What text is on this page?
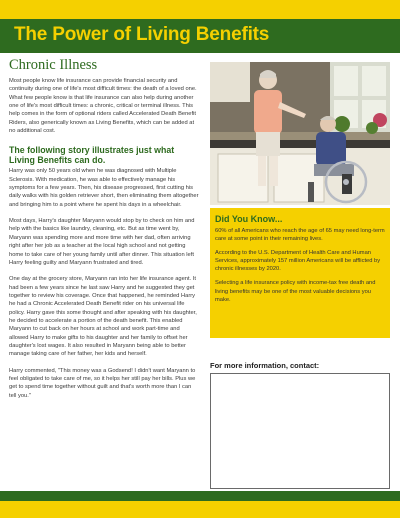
The Power of Living Benefits
Chronic Illness

Most people know life insurance can provide financial security and continuity during one of life's most difficult times: the death of a loved one. What few people know is that life insurance can also help during another one of life's most difficult times: a chronic, critical or terminal illness. This help comes in the form of optional riders called Accelerated Death Benefit Riders, also generically known as Living Benefits, which can be added at no additional cost.

The following story illustrates just what Living Benefits can do.

Harry was only 50 years old when he was diagnosed with Multiple Sclerosis. With medication, he was able to effectively manage his symptoms for a few years. Then, his disease progressed, first cutting his daily walks with his golden retriever short, then eliminating them altogether and bringing him to a point where he spent his days in a wheelchair.

Most days, Harry's daughter Maryann would stop by to check on him and help with the basics like laundry, cleaning, etc. But as time went by, Maryann was spending more and more time with her dad, often arriving right after her job as a teacher at the local high school and not getting home to take care of her young family until after dinner. This situation left Harry feeling guilty and Maryann frustrated and tired.

One day at the grocery store, Maryann ran into her life insurance agent. It had been a few years since he last saw Harry and he suggested they get together to review his coverage. Once that happened, he reminded Harry he had a Chronic Accelerated Death Benefit rider on his universal life policy. Harry gave this some thought and after speaking with his daughter, he decided to accelerate a portion of the death benefit. This enabled Maryann to cut back on her hours at school and work part-time and allowed Harry to make gifts to his daughter and her family to offset her daughter's lost wages. It also resulted in Maryann being able to better manage taking care of her father, her kids and herself.

Harry commented, "This money was a Godsend! I didn't want Maryann to feel obligated to take care of me, so it helps her still pay her bills. Plus we get to spend time together without guilt and that's worth more than I can tell you."

Did You Know...

60% of all Americans who reach the age of 65 may need long-term care at some point in their remaining lives.

According to the U.S. Department of Health Care and Human Services, approximately 157 million Americans will be afflicted by chronic illnesses by 2020.

Selecting a life insurance policy with income-tax free death and living benefits may be one of the most valuable decisions you make.

For more information, contact:
